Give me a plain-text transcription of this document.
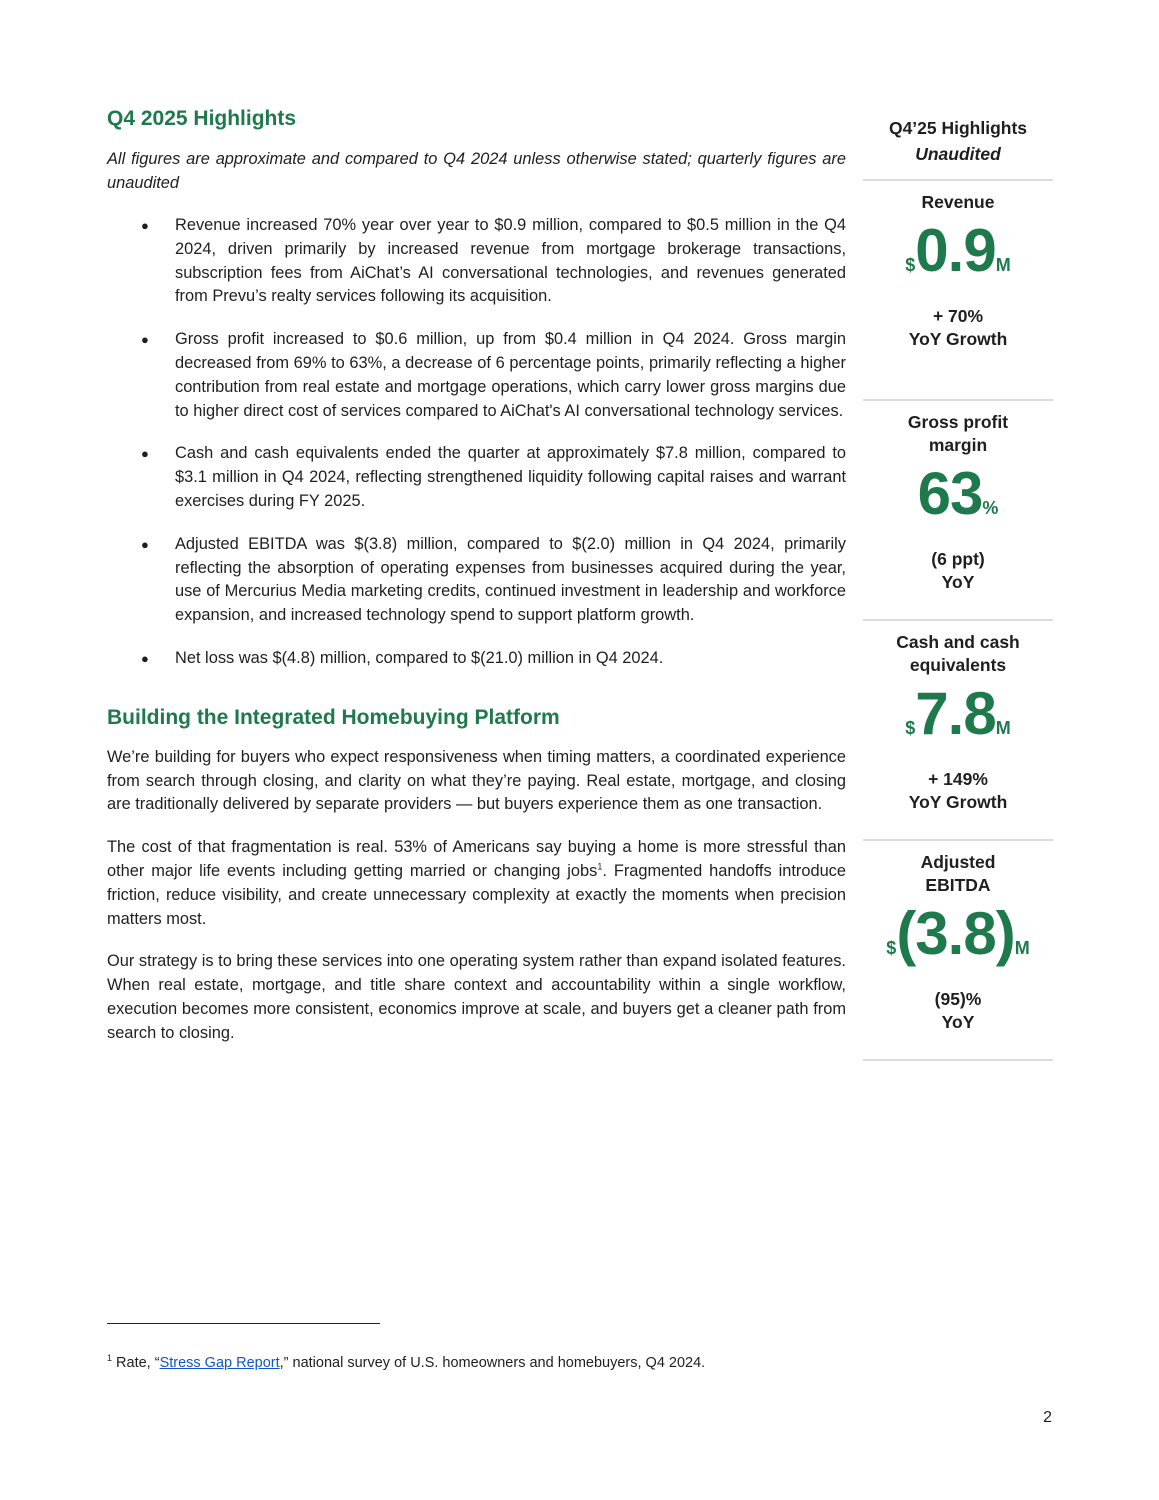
Q4 2025 Highlights

All figures are approximate and compared to Q4 2024 unless otherwise stated; quarterly figures are unaudited

● Revenue increased 70% year over year to $0.9 million, compared to $0.5 million in the Q4 2024, driven primarily by increased revenue from mortgage brokerage transactions, subscription fees from AiChat’s AI conversational technologies, and revenues generated from Prevu’s realty services following its acquisition.
● Gross profit increased to $0.6 million, up from $0.4 million in Q4 2024. Gross margin decreased from 69% to 63%, a decrease of 6 percentage points, primarily reflecting a higher contribution from real estate and mortgage operations, which carry lower gross margins due to higher direct cost of services compared to AiChat's AI conversational technology services.
● Cash and cash equivalents ended the quarter at approximately $7.8 million, compared to $3.1 million in Q4 2024, reflecting strengthened liquidity following capital raises and warrant exercises during FY 2025.
● Adjusted EBITDA was $(3.8) million, compared to $(2.0) million in Q4 2024, primarily reflecting the absorption of operating expenses from businesses acquired during the year, use of Mercurius Media marketing credits, continued investment in leadership and workforce expansion, and increased technology spend to support platform growth.
● Net loss was $(4.8) million, compared to $(21.0) million in Q4 2024.
Building the Integrated Homebuying Platform

We’re building for buyers who expect responsiveness when timing matters, a coordinated experience from search through closing, and clarity on what they’re paying. Real estate, mortgage, and closing are traditionally delivered by separate providers — but buyers experience them as one transaction.

The cost of that fragmentation is real. 53% of Americans say buying a home is more stressful than other major life events including getting married or changing jobs$^1$. Fragmented handoffs introduce friction, reduce visibility, and create unnecessary complexity at exactly the moments when precision matters most.

Our strategy is to bring these services into one operating system rather than expand isolated features. When real estate, mortgage, and title share context and accountability within a single workflow, execution becomes more consistent, economics improve at scale, and buyers get a cleaner path from search to closing.

$^1$ Rate, “Stress Gap Report,” national survey of U.S. homeowners and homebuyers, Q4 2024.
2
Q4’25 Highlights
Unaudited
Revenue
$0.9M
+ 70%
YoY Growth
Gross profit margin
63%
(6 ppt)
YoY
Cash and cash equivalents
$7.8M
+ 149%
YoY Growth
Adjusted EBITDA
$(3.8)M
(95)%
YoY
